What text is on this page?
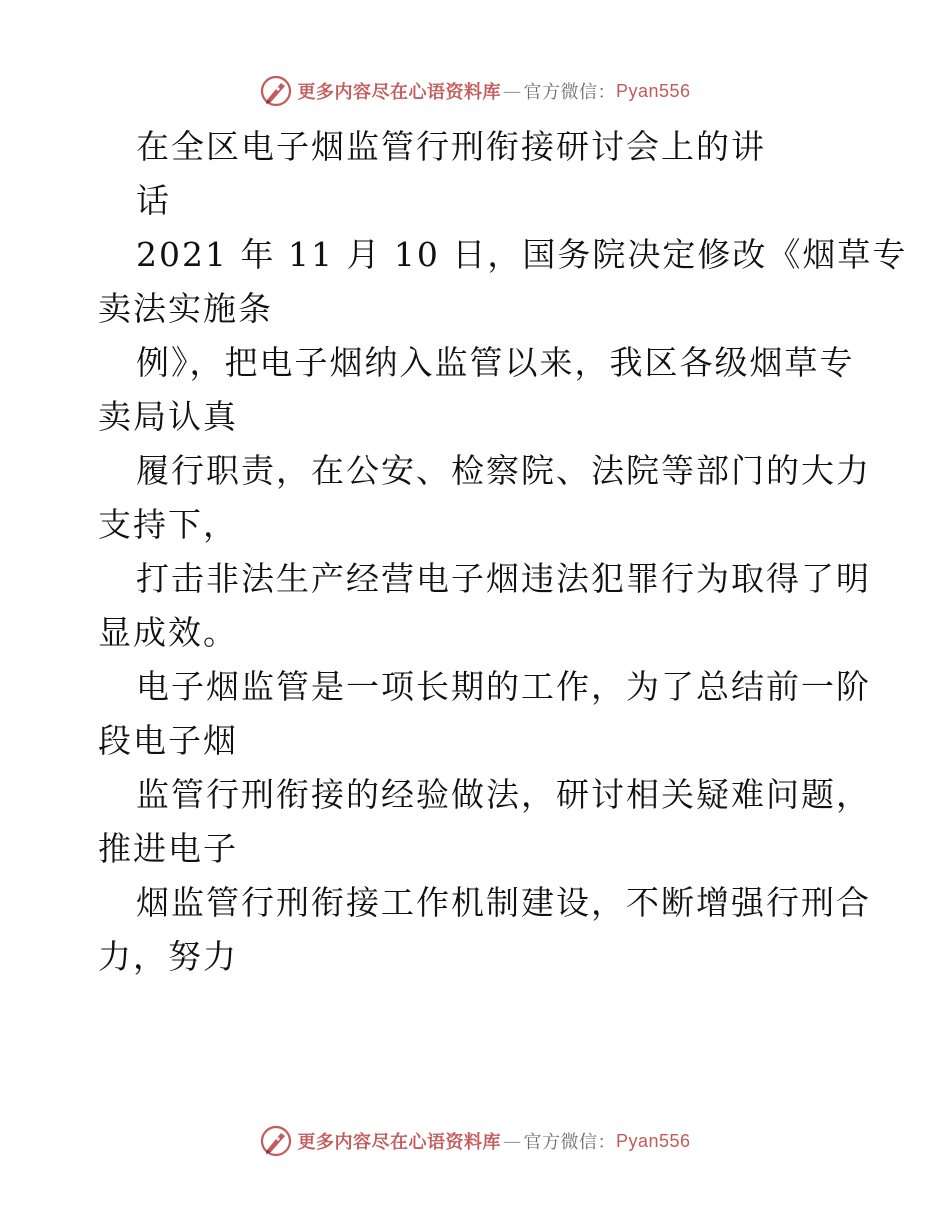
更多内容尽在心语资料库 — 官方微信： Pyan556
在全区电子烟监管行刑衔接研讨会上的讲
话
2021 年 11 月 10 日，国务院决定修改《烟草专
卖法实施条
例》，把电子烟纳入监管以来，我区各级烟草专
卖局认真
履行职责，在公安、检察院、法院等部门的大力
支持下，
打击非法生产经营电子烟违法犯罪行为取得了明
显成效。
电子烟监管是一项长期的工作，为了总结前一阶
段电子烟
监管行刑衔接的经验做法，研讨相关疑难问题，
推进电子
烟监管行刑衔接工作机制建设，不断增强行刑合
力，努力
更多内容尽在心语资料库 — 官方微信： Pyan556
